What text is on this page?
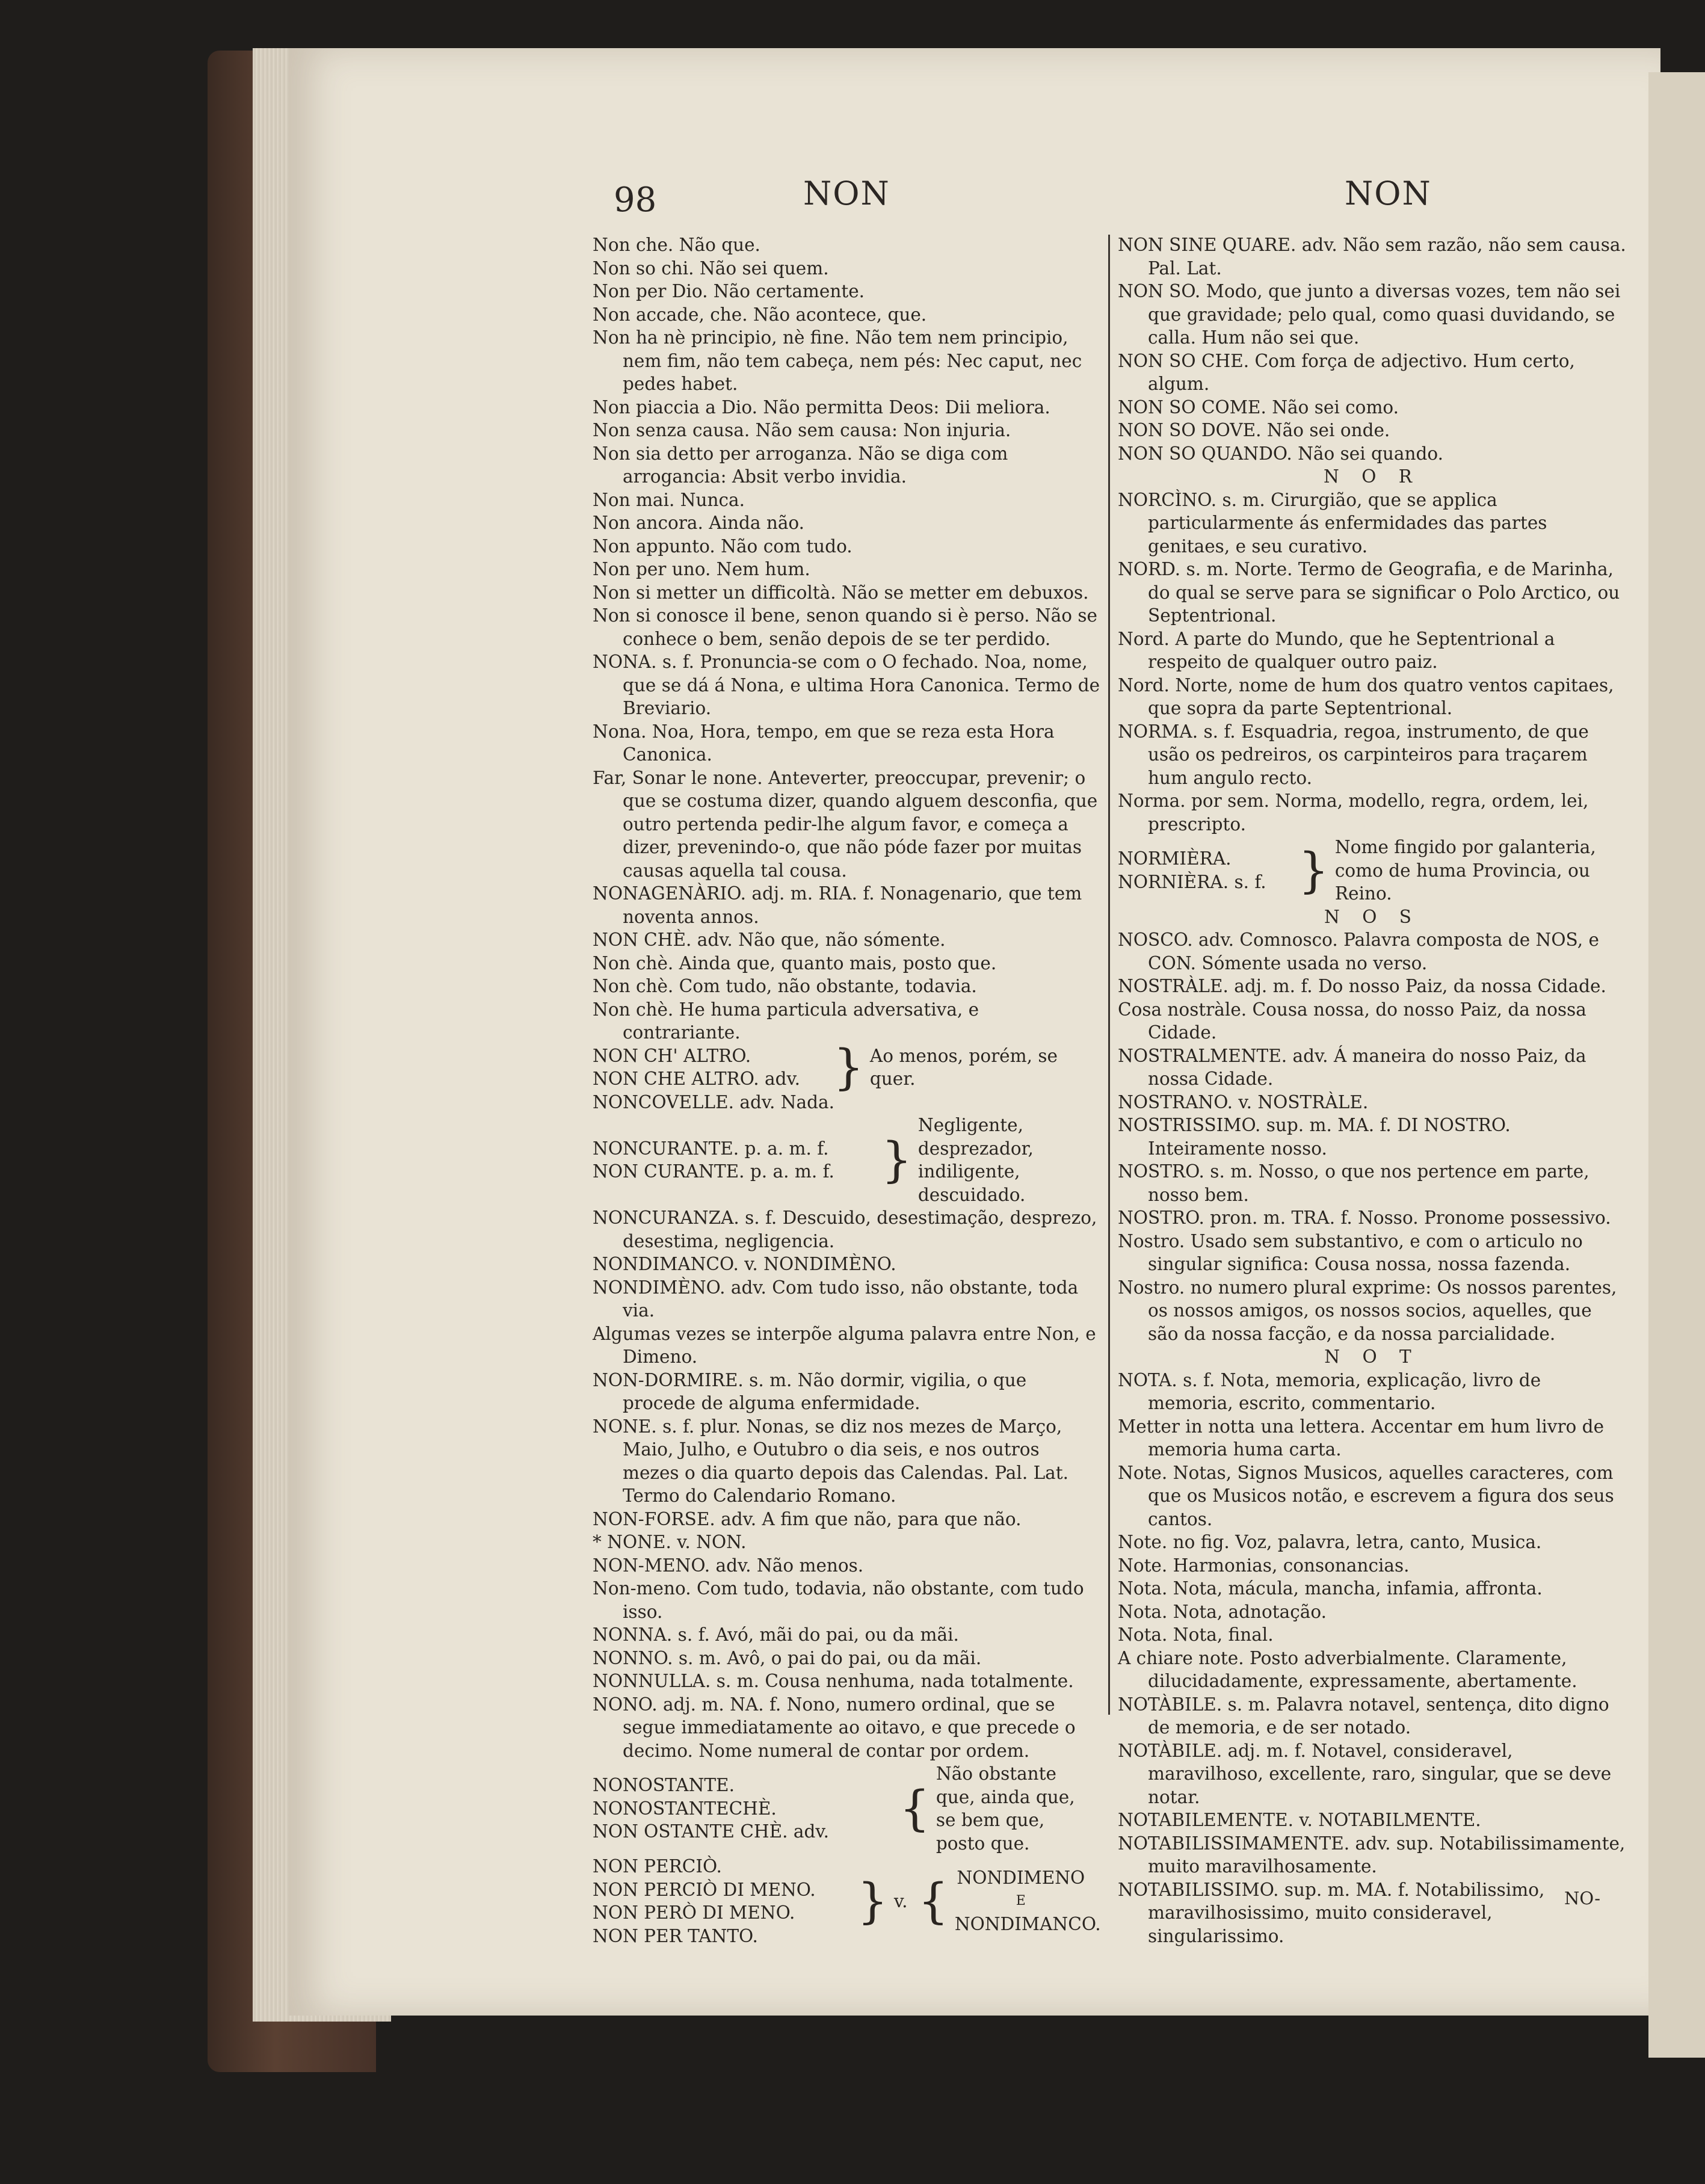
98	NON	NON
Non che. Não que.
Non so chi. Não sei quem.
Non per Dio. Não certamente.
Non accade, che. Não acontece, que.
Non ha nè principio, nè fine. Não tem nem principio, nem fim, não tem cabeça, nem pés: Nec caput, nec pedes habet.
Non piaccia a Dio. Não permitta Deos: Dii meliora.
Non senza causa. Não sem causa: Non injuria.
Non sia detto per arroganza. Não se diga com arrogancia: Absit verbo invidia.
Non mai. Nunca.
Non ancora. Ainda não.
Non appunto. Não com tudo.
Non per uno. Nem hum.
Non si metter un difficoltà. Não se metter em debuxos.
Non si conosce il bene, senon quando si è perso. Não se conhece o bem, senão depois de se ter perdido.
NONA. s. f. Pronuncia-se com o O fechado. Noa, nome, que se dá á Nona, e ultima Hora Canonica. Termo de Breviario.
Nona. Noa, Hora, tempo, em que se reza esta Hora Canonica.
Far, Sonar le none. Anteverter, preoccupar, prevenir; o que se costuma dizer, quando alguem desconfia, que outro pertenda pedir-lhe algum favor, e começa a dizer, prevenindo-o, que não póde fazer por muitas causas aquella tal cousa.
NONAGENÀRIO. adj. m. RIA. f. Nonagenario, que tem noventa annos.
NON CHÈ. adv. Não que, não sómente.
Non chè. Ainda que, quanto mais, posto que.
Non chè. Com tudo, não obstante, todavia.
Non chè. He huma particula adversativa, e contrariante.
NON CH' ALTRO.
NON CHE ALTRO. adv. } Ao menos, porém, se quer.
NONCOVELLE. adv. Nada.
NONCURANTE. p. a. m. f.
NON CURANTE. p. a. m. f. }
Negligente, desprezador, indiligente, descuidado.
NONCURANZA. s. f. Descuido, desestimação, desprezo, desestima, negligencia.
NONDIMANCO. v. NONDIMÈNO.
NONDIMÈNO. adv. Com tudo isso, não obstante, toda via.
Algumas vezes se interpõe alguma palavra entre Non, e Dimeno.
NON-DORMIRE. s. m. Não dormir, vigilia, o que procede de alguma enfermidade.
NONE. s. f. plur. Nonas, se diz nos mezes de Março, Maio, Julho, e Outubro o dia seis, e nos outros mezes o dia quarto depois das Calendas. Pal. Lat. Termo do Calendario Romano.
NON-FORSE. adv. A fim que não, para que não.
* NONE. v. NON.
NON-MENO. adv. Não menos.
Non-meno. Com tudo, todavia, não obstante, com tudo isso.
NONNA. s. f. Avó, mãi do pai, ou da mãi.
NONNO. s. m. Avô, o pai do pai, ou da mãi.
NONNULLA. s. m. Cousa nenhuma, nada totalmente.
NONO. adj. m. NA. f. Nono, numero ordinal, que se segue immediatamente ao oitavo, e que precede o decimo. Nome numeral de contar por ordem.
NONOSTANTE.
NONOSTANTECHÈ.
NON OSTANTE CHÈ. adv.	{
Não obstante que, ainda que, se bem que, posto que.
NON PERCIÒ.
NON PERCIÒ DI MENO.
NON PERÒ DI MENO.
NON PER TANTO.
} v. { NONDIMENO
E
NONDIMANCO.
NON SINE QUARE. adv. Não sem razão, não sem causa. Pal. Lat.
NON SO. Modo, que junto a diversas vozes, tem não sei que gravidade; pelo qual, como quasi duvidando, se calla. Hum não sei que.
NON SO CHE. Com força de adjectivo. Hum certo, algum.
NON SO COME. Não sei como.
NON SO DOVE. Não sei onde.
NON SO QUANDO. Não sei quando.
N O R
NORCÌNO. s. m. Cirurgião, que se applica particularmente ás enfermidades das partes genitaes, e seu curativo.
NORD. s. m. Norte. Termo de Geografia, e de Marinha, do qual se serve para se significar o Polo Arctico, ou Septentrional.
Nord. A parte do Mundo, que he Septentrional a respeito de qualquer outro paiz.
Nord. Norte, nome de hum dos quatro ventos capitaes, que sopra da parte Septentrional.
NORMA. s. f. Esquadria, regoa, instrumento, de que usão os pedreiros, os carpinteiros para traçarem hum angulo recto.
Norma. por sem. Norma, modello, regra, ordem, lei, prescripto.
NORMIÈRA.
NORNIÈRA. s. f. } Nome fingido por galanteria, como de huma Provincia, ou Reino.
N O S
NOSCO. adv. Comnosco. Palavra composta de NOS, e CON. Sómente usada no verso.
NOSTRÀLE. adj. m. f. Do nosso Paiz, da nossa Cidade.
Cosa nostràle. Cousa nossa, do nosso Paiz, da nossa Cidade.
NOSTRALMENTE. adv. Á maneira do nosso Paiz, da nossa Cidade.
NOSTRANO. v. NOSTRÀLE.
NOSTRISSIMO. sup. m. MA. f. DI NOSTRO. Inteiramente nosso.
NOSTRO. s. m. Nosso, o que nos pertence em parte, nosso bem.
NOSTRO. pron. m. TRA. f. Nosso. Pronome possessivo.
Nostro. Usado sem substantivo, e com o articulo no singular significa: Cousa nossa, nossa fazenda.
Nostro. no numero plural exprime: Os nossos parentes, os nossos amigos, os nossos socios, aquelles, que são da nossa facção, e da nossa parcialidade.
N O T
NOTA. s. f. Nota, memoria, explicação, livro de memoria, escrito, commentario.
Metter in notta una lettera. Accentar em hum livro de memoria huma carta.
Note. Notas, Signos Musicos, aquelles caracteres, com que os Musicos notão, e escrevem a figura dos seus cantos.
Note. no fig. Voz, palavra, letra, canto, Musica.
Note. Harmonias, consonancias.
Nota. Nota, mácula, mancha, infamia, affronta.
Nota. Nota, adnotação.
Nota. Nota, final.
A chiare note. Posto adverbialmente. Claramente, dilucidadamente, expressamente, abertamente.
NOTÀBILE. s. m. Palavra notavel, sentença, dito digno de memoria, e de ser notado.
NOTÀBILE. adj. m. f. Notavel, consideravel, maravilhoso, excellente, raro, singular, que se deve notar.
NOTABILEMENTE. v. NOTABILMENTE.
NOTABILISSIMAMENTE. adv. sup. Notabilissimamente, muito maravilhosamente.
NOTABILISSIMO. sup. m. MA. f. Notabilissimo, maravilhosissimo, muito consideravel, singularissimo.
NO-
